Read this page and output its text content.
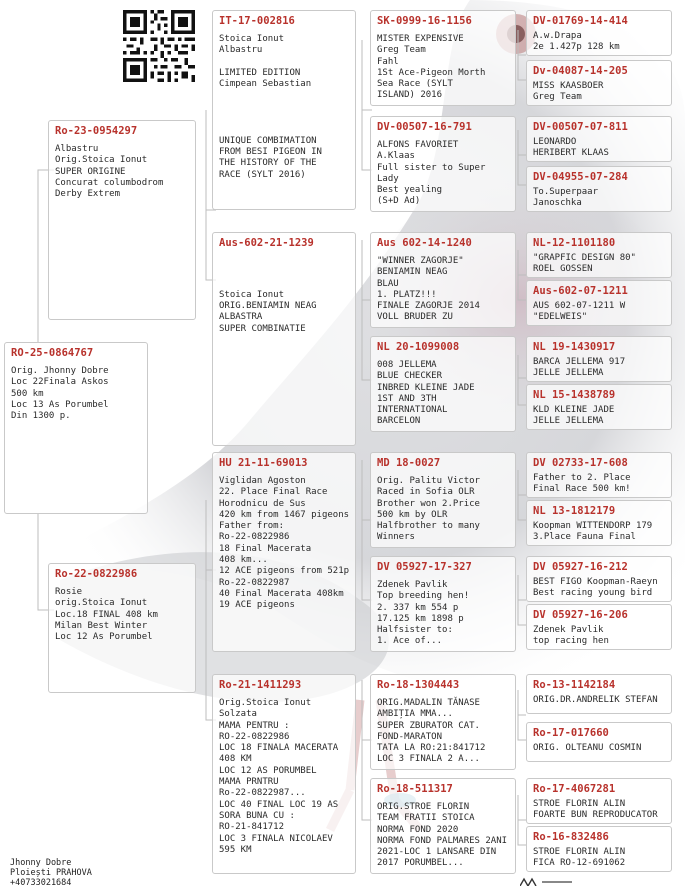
RO-25-0864767
Orig. Jhonny Dobre
Loc 22Finala Askos
500 km
Loc 13 As Porumbel
Din 1300 p.
Ro-23-0954297
Albastru
Orig.Stoica Ionut
SUPER ORIGINE
Concurat columbodrom
Derby Extrem
Ro-22-0822986
Rosie
orig.Stoica Ionut
Loc.18 FINAL 408 km
Milan Best Winter
Loc 12 As Porumbel
IT-17-002816
Stoica Ionut
Albastru

LIMITED EDITION
Cimpean Sebastian

UNIQUE COMBIMATION
FROM BESI PIGEON IN
THE HISTORY OF THE
RACE (SYLT 2016)
Aus-602-21-1239

Stoica Ionut
ORIG.BENIAMIN NEAG
ALBASTRA
SUPER COMBINATIE
HU 21-11-69013
Viglidan Agoston
22. Place Final Race
Horodnicu de Sus
420 km from 1467 pigeons
Father from:
Ro-22-0822986
18 Final Macerata
408 km...
12 ACE pigeons from 521p
Ro-22-0822987
40 Final Macerata 408km
19 ACE pigeons
Ro-21-1411293
Orig.Stoica Ionut
Solzata
MAMA PENTRU :
RO-22-0822986
LOC 18 FINALA MACERATA
408 KM
LOC 12 AS PORUMBEL
MAMA PRNTRU
Ro-22-0822987...
LOC 40 FINAL LOC 19 AS
SORA BUNA CU :
RO-21-841712
LOC 3 FINALA NICOLAEV
595 KM
SK-0999-16-1156
MISTER EXPENSIVE
Greg Team
Fahl
1St Ace-Pigeon Morth
Sea Race (SYLT
ISLAND) 2016
DV-00507-16-791
ALFONS FAVORIET
A.Klaas
Full sister to Super
Lady
Best yealing
(S+D Ad)
Aus 602-14-1240
"WINNER ZAGORJE"
BENIAMIN NEAG
BLAU
1. PLATZ!!!
FINALE ZAGORJE 2014
VOLL BRUDER ZU
NL 20-1099008
008 JELLEMA
BLUE CHECKER
INBRED KLEINE JADE
1ST AND 3TH
INTERNATIONAL
BARCELON
MD 18-0027
Orig. Palitu Victor
Raced in Sofia OLR
Brother won 2.Price
500 km by OLR
Halfbrother to many
Winners
DV 05927-17-327
Zdenek Pavlik
Top breeding hen!
2. 337 km 554 p
17.125 km 1898 p
Halfsister to:
1. Ace of...
Ro-18-1304443
ORIG.MADALIN TĂNASE
AMBIȚIA MMA...
SUPER ZBURATOR CAT.
FOND-MARATON
TATA LA RO:21:841712
LOC 3 FINALA 2 A...
Ro-18-511317
ORIG.STROE FLORIN
TEAM FRATII STOICA
NORMA FOND 2020
NORMA FOND PALMARES 2ANI
2021-LOC 1 LANSARE DIN
2017 PORUMBEL...
DV-01769-14-414
A.w.Drapa
2e 1.427p 128 km
Dv-04087-14-205
MISS KAASBOER
Greg Team
DV-00507-07-811
LEONARDO
HERIBERT KLAAS
DV-04955-07-284
To.Superpaar
Janoschka
NL-12-1101180
"GRAPFIC DESIGN 80"
ROEL GOSSEN
Aus-602-07-1211
AUS 602-07-1211 W
"EDELWEIS"
NL 19-1430917
BARCA JELLEMA 917
JELLE JELLEMA
NL 15-1438789
KLD KLEINE JADE
JELLE JELLEMA
DV 02733-17-608
Father to 2. Place
Final Race 500 km!
NL 13-1812179
Koopman WITTENDORP 179
3.Place Fauna Final
DV 05927-16-212
BEST FIGO Koopman-Raeyn
Best racing young bird
DV 05927-16-206
Zdenek Pavlik
top racing hen
Ro-13-1142184
ORIG.DR.ANDRELIK STEFAN
Ro-17-017660
ORIG. OLTEANU COSMIN
Ro-17-4067281
STROE FLORIN ALIN
FOARTE BUN REPRODUCATOR
Ro-16-832486
STROE FLORIN ALIN
FICA RO-12-691062
Jhonny Dobre
Ploiești PRAHOVA
+40733021684
